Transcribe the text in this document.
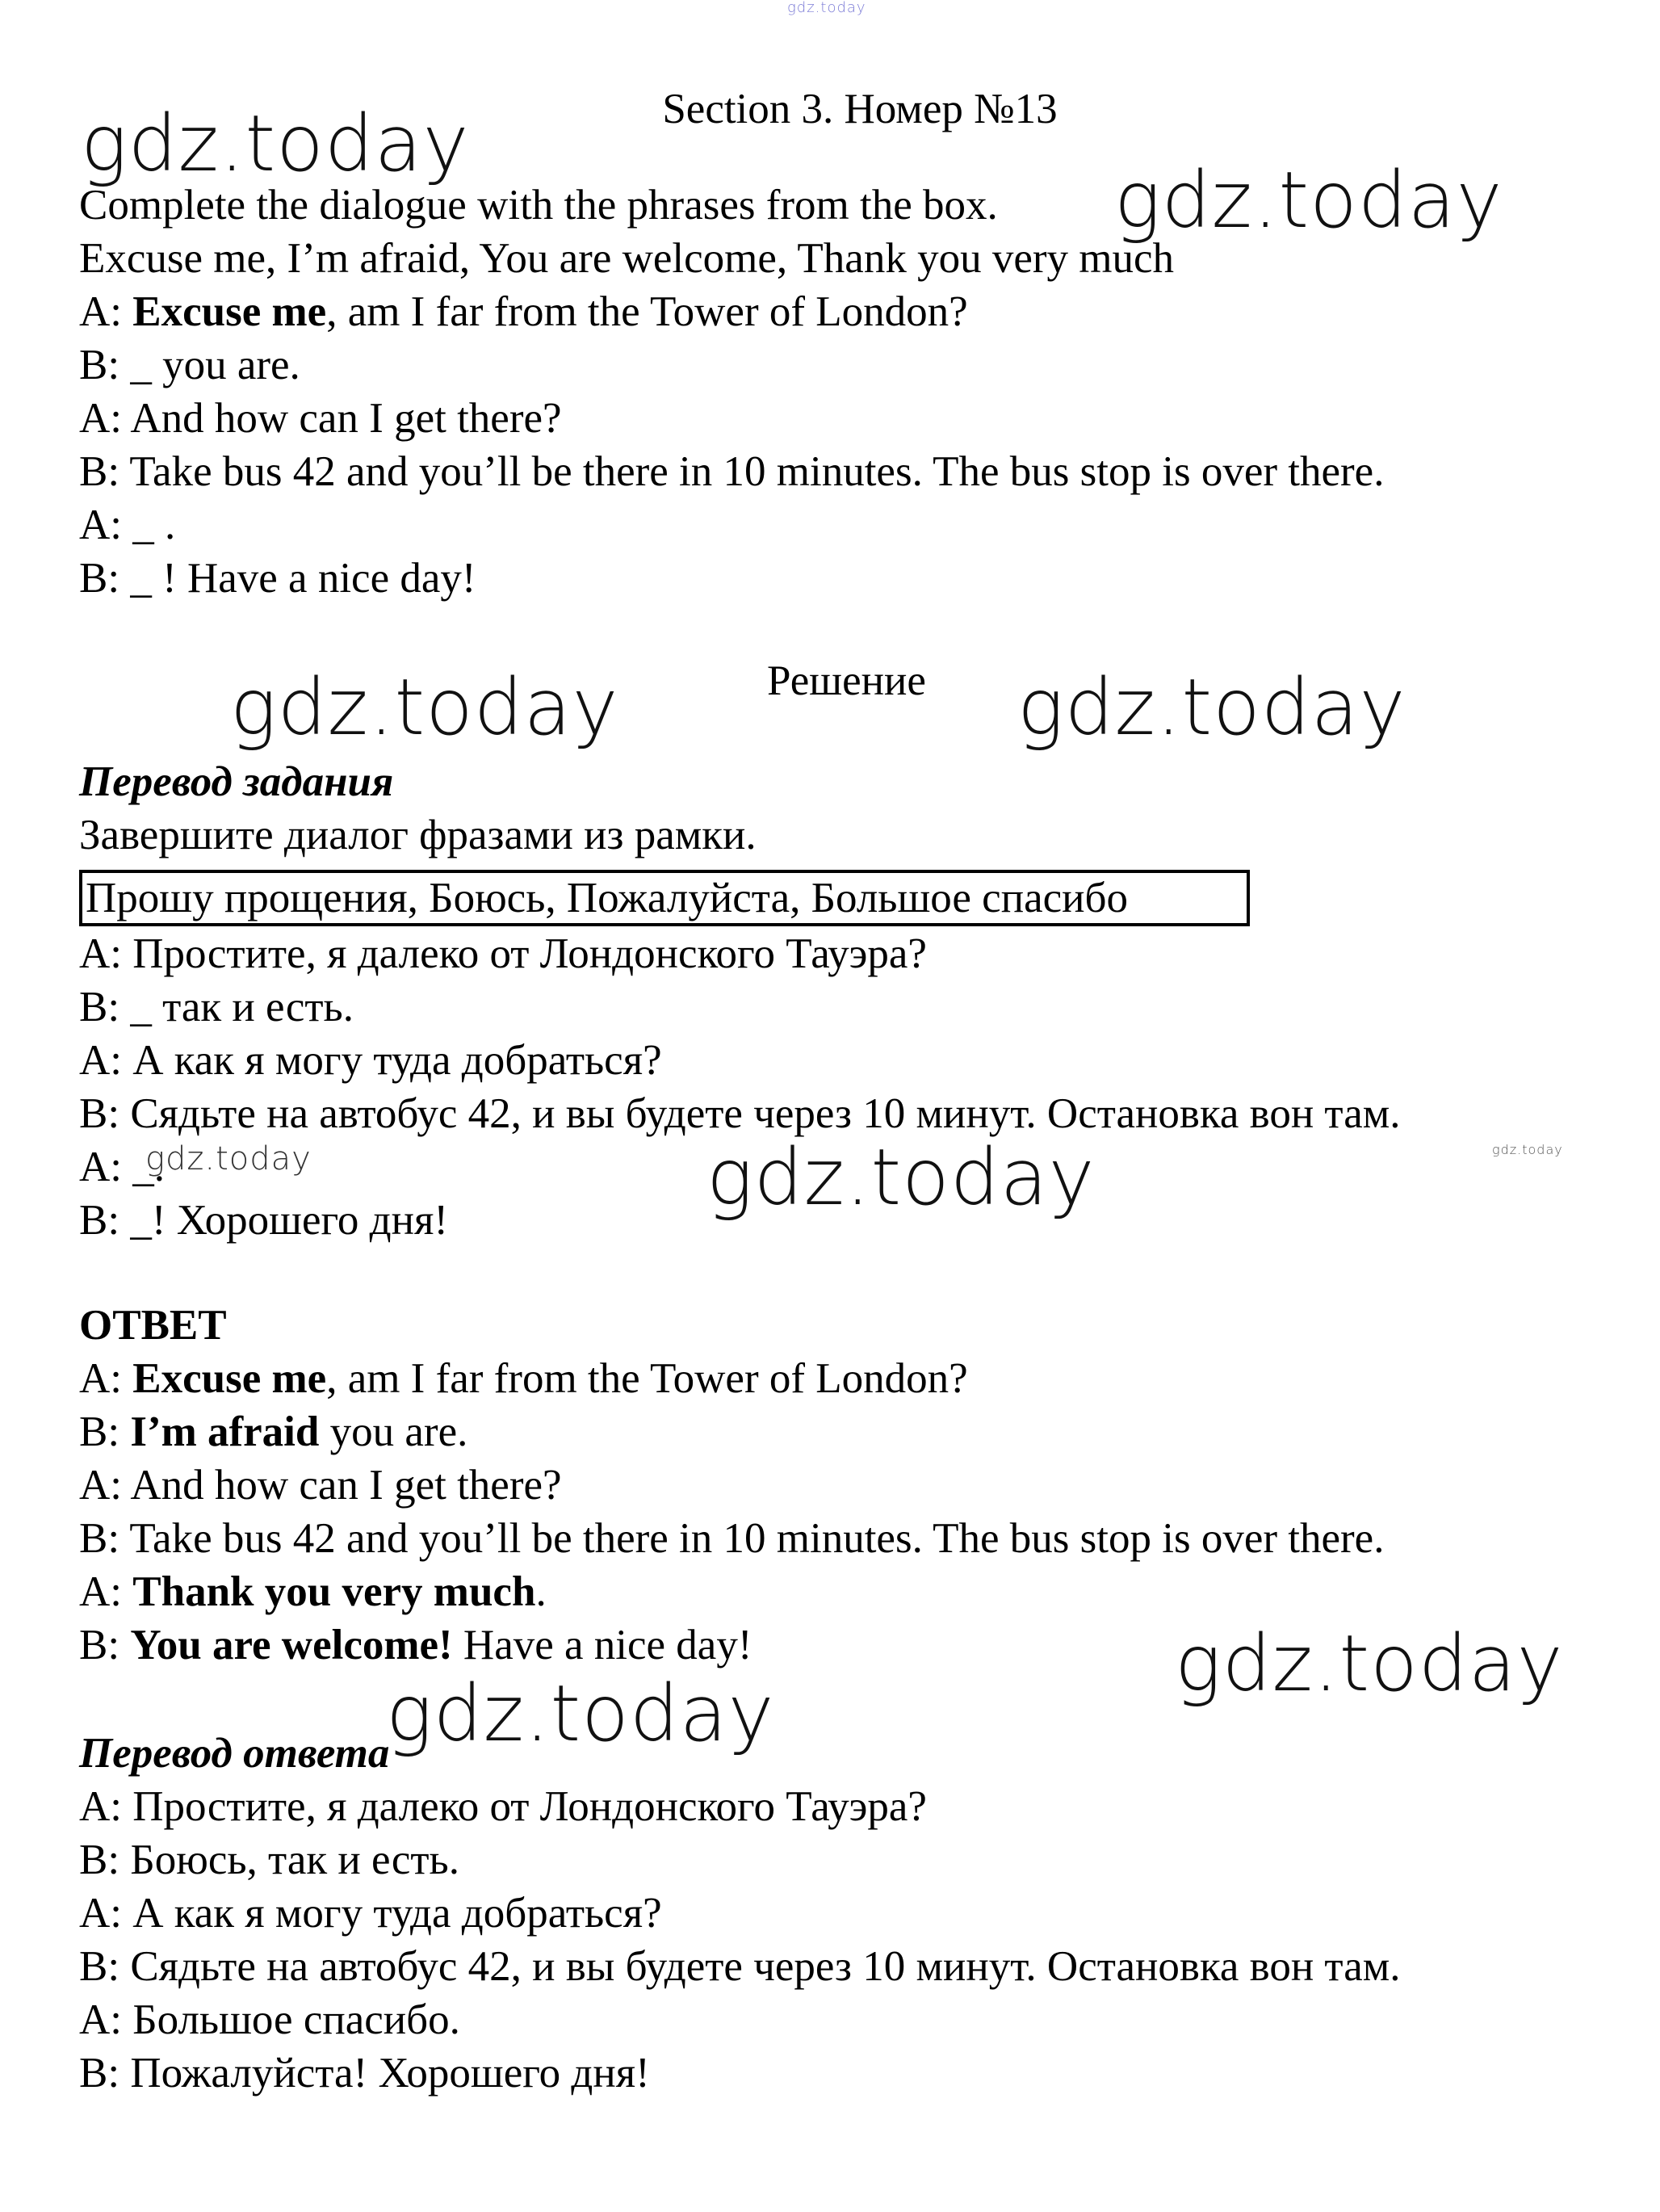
gdz.today
gdz.today
gdz.today
gdz.today	gdz.today
gdz.today	gdz.today
gdz.today
gdz.today
gdz.today
Section 3. Номер №13
Complete the dialogue with the phrases from the box.
Excuse me, I’m afraid, You are welcome, Thank you very much
A: Excuse me, am I far from the Tower of London?
B: _ you are.
A: And how can I get there?
B: Take bus 42 and you’ll be there in 10 minutes. The bus stop is over there.
A: _ .
B: _ ! Have a nice day!
Решение
Перевод задания
Завершите диалог фразами из рамки.
Прошу прощения, Боюсь, Пожалуйста, Большое спасибо
A: Простите, я далеко от Лондонского Тауэра?
B: _ так и есть.
A: А как я могу туда добраться?
B: Сядьте на автобус 42, и вы будете через 10 минут. Остановка вон там.
A: _.
B: _! Хорошего дня!
ОТВЕТ
A: Excuse me, am I far from the Tower of London?
B: I’m afraid you are.
A: And how can I get there?
B: Take bus 42 and you’ll be there in 10 minutes. The bus stop is over there.
A: Thank you very much.
B: You are welcome! Have a nice day!
Перевод ответа
A: Простите, я далеко от Лондонского Тауэра?
B: Боюсь, так и есть.
A: А как я могу туда добраться?
B: Сядьте на автобус 42, и вы будете через 10 минут. Остановка вон там.
A: Большое спасибо.
B: Пожалуйста! Хорошего дня!
